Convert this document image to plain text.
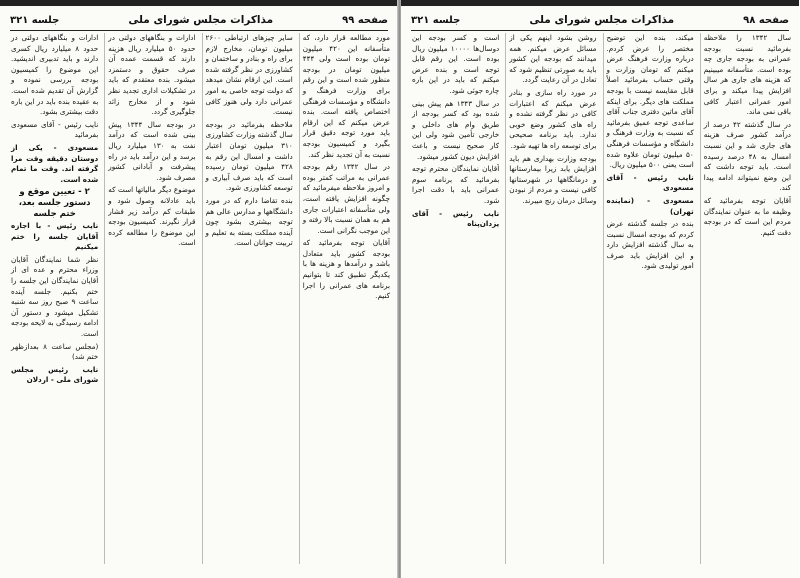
صفحه ۹۹
مذاکرات مجلس شورای ملی
جلسه ۳۲۱

مورد مطالعه قرار دارد، که متأسفانه این ۴۲۰ میلیون تومان بوده است ولی ۴۴۴ میلیون تومان در بودجه منظور شده است و این رقم برای وزارت فرهنگ و دانشگاه و مؤسسات فرهنگی اختصاص یافته است. بنده عرض میکنم که این ارقام باید مورد توجه دقیق قرار بگیرد و کمیسیون بودجه نسبت به آن تجدید نظر کند.

در سال ۱۳۴۲ رقم بودجه عمرانی به مراتب کمتر بوده و امروز ملاحظه میفرمائید که چگونه افزایش یافته است، ولی متأسفانه اعتبارات جاری هم به همان نسبت بالا رفته و این موجب نگرانی است.

آقایان توجه بفرمائید که بودجه کشور باید متعادل باشد و درآمدها و هزینه ها با یکدیگر تطبیق کند تا بتوانیم برنامه های عمرانی را اجرا کنیم.

سایر چیزهای ارتباطی ۲۶۰۰ میلیون تومان، مخارج لازم برای راه و بنادر و ساختمان و کشاورزی در نظر گرفته شده است. این ارقام نشان میدهد که دولت توجه خاصی به امور عمرانی دارد ولی هنوز کافی نیست.

ملاحظه بفرمائید در بودجه سال گذشته وزارت کشاورزی ۳۱۰ میلیون تومان اعتبار داشت و امسال این رقم به ۴۲۸ میلیون تومان رسیده است که باید صرف آبیاری و توسعه کشاورزی شود.

بنده تقاضا دارم که در مورد دانشگاهها و مدارس عالی هم توجه بیشتری بشود چون آینده مملکت بسته به تعلیم و تربیت جوانان است.

ادارات و بنگاههای دولتی در حدود ۵۰ میلیارد ریال هزینه دارند که قسمت عمده آن صرف حقوق و دستمزد میشود. بنده معتقدم که باید در تشکیلات اداری تجدید نظر شود و از مخارج زائد جلوگیری گردد.

در بودجه سال ۱۳۴۴ پیش بینی شده است که درآمد نفت به ۱۳۰ میلیارد ریال برسد و این درآمد باید در راه پیشرفت و آبادانی کشور مصرف شود.

موضوع دیگر مالیاتها است که باید عادلانه وصول شود و طبقات کم درآمد زیر فشار قرار نگیرند. کمیسیون بودجه این موضوع را مطالعه کرده است.

ادارات و بنگاههای دولتی در حدود ۸ میلیارد ریال کسری دارند و باید تدبیری اندیشید. این موضوع را کمیسیون بودجه بررسی نموده و گزارش آن تقدیم شده است. به عقیده بنده باید در این باره دقت بیشتری بشود.

نایب رئیس - آقای مسعودی بفرمائید

مسعودی - یکی از دوستان دقیقه وقت مرا گرفته اند. وقت ما تمام شده است.

۲ - تعیین موقع و دستور جلسه بعد، ختم جلسه

نایب رئیس - با اجازه آقایان جلسه را ختم میکنیم

نظر شما نمایندگان آقایان وزراء محترم و عده ای از آقایان نمایندگان این جلسه را ختم بکنیم. جلسه آینده ساعت ۹ صبح روز سه شنبه تشکیل میشود و دستور آن ادامه رسیدگی به لایحه بودجه است.

(مجلس ساعت ۸ بعدازظهر ختم شد)

نایب رئیس مجلس شورای ملی - اردلان

صفحه ۹۸
مذاکرات مجلس شورای ملی
جلسه ۳۲۱

سال ۱۳۴۲ را ملاحظه بفرمائید نسبت بودجه عمرانی به بودجه جاری چه بوده است. متأسفانه میبینیم که هزینه های جاری هر سال افزایش پیدا میکند و برای امور عمرانی اعتبار کافی باقی نمی ماند.

در سال گذشته ۴۲ درصد از درآمد کشور صرف هزینه های جاری شد و این نسبت امسال به ۴۸ درصد رسیده است. باید توجه داشت که این وضع نمیتواند ادامه پیدا کند.

آقایان توجه بفرمائید که وظیفه ما به عنوان نمایندگان مردم این است که در بودجه دقت کنیم.

میکند، بنده این توضیح مختصر را عرض کردم. درباره وزارت فرهنگ عرض میکنم که تومان وزارت و وقتی حساب بفرمائید اصلاً قابل مقایسه نیست با بودجه مملکت های دیگر. برای اینکه آقای ماتین دفتری جناب آقای ساعدی توجه عمیق بفرمائید که نسبت به وزارت فرهنگ و دانشگاه و مؤسسات فرهنگی ۵۰ میلیون تومان علاوه شده است یعنی ۵۰۰ میلیون ریال.

نایب رئیس - آقای مسعودی

مسعودی - (نماینده تهران)

بنده در جلسه گذشته عرض کردم که بودجه امسال نسبت به سال گذشته افزایش دارد و این افزایش باید صرف امور تولیدی شود.

روشن بشود اینهم یکی از مسائل عرض میکنم. همه میدانند که بودجه این کشور باید به صورتی تنظیم شود که تعادل در آن رعایت گردد.

در مورد راه سازی و بنادر عرض میکنم که اعتبارات کافی در نظر گرفته نشده و راه های کشور وضع خوبی ندارد. باید برنامه صحیحی برای توسعه راه ها تهیه شود.

بودجه وزارت بهداری هم باید افزایش یابد زیرا بیمارستانها و درمانگاهها در شهرستانها کافی نیست و مردم از نبودن وسائل درمان رنج میبرند.

است و کسر بودجه این دوسال‌ها ۱۰۰۰۰ میلیون ریال بوده است. این رقم قابل توجه است و بنده عرض میکنم که باید در این باره چاره جوئی شود.

در سال ۱۳۴۳ هم پیش بینی شده بود که کسر بودجه از طریق وام های داخلی و خارجی تأمین شود ولی این کار صحیح نیست و باعث افزایش دیون کشور میشود.

آقایان نمایندگان محترم توجه بفرمائید که برنامه سوم عمرانی باید با دقت اجرا شود.

نایب رئیس - آقای یزدان‌پناه
